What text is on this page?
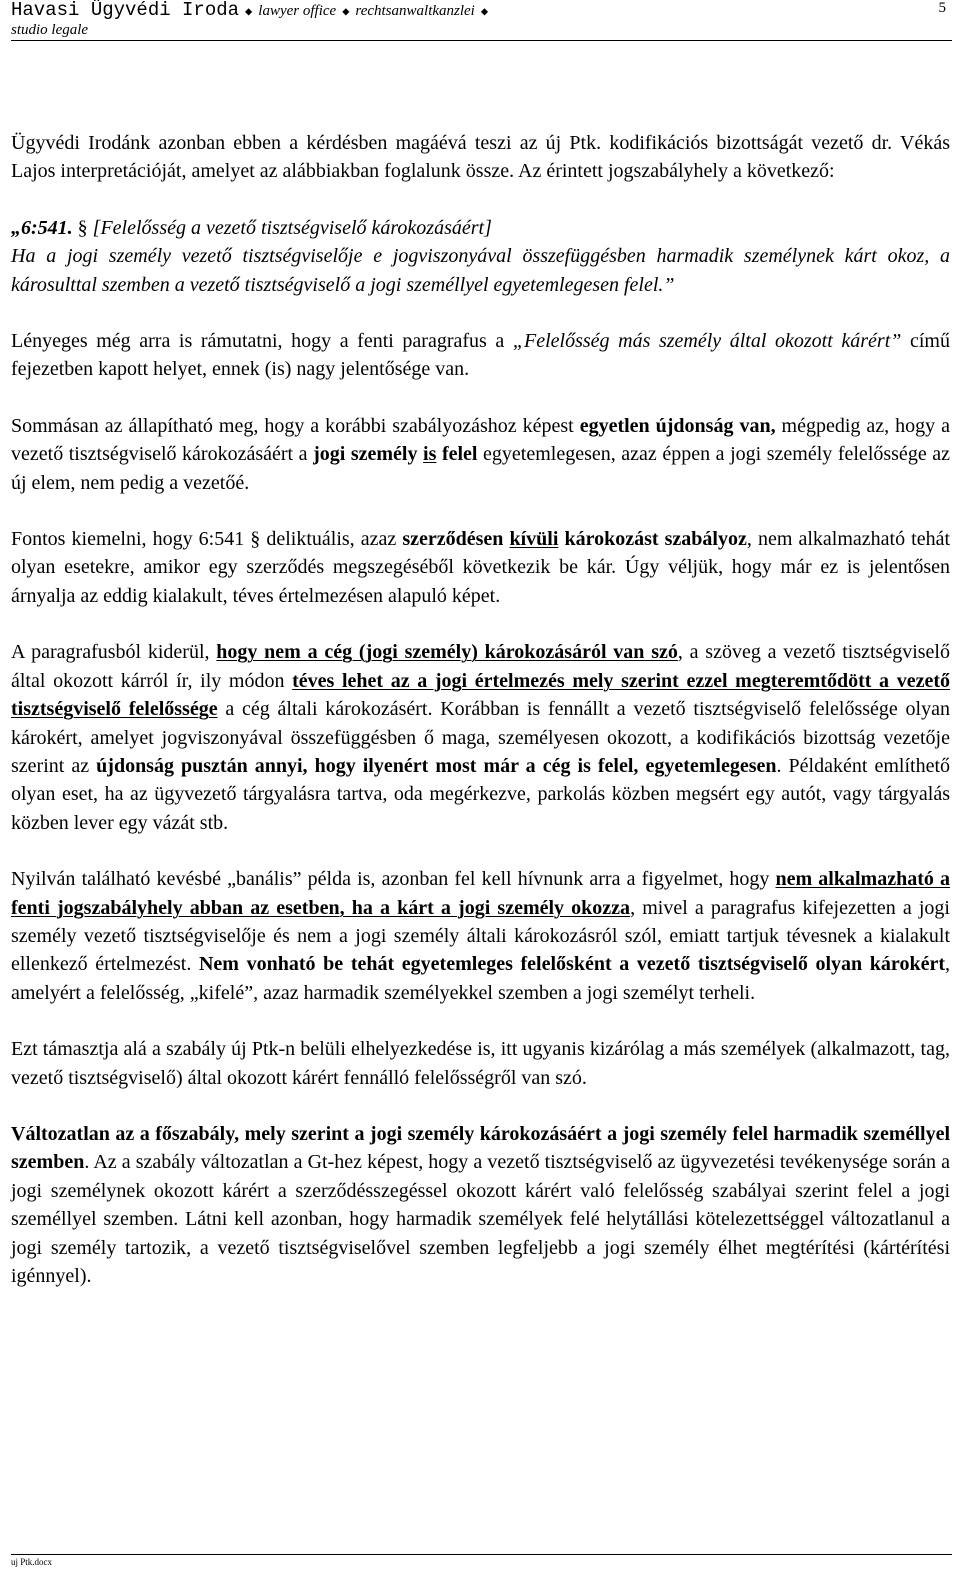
Havasi Ügyvédi Iroda ◆ lawyer office ◆ rechtsanwaltkanzlei ◆
studio legale
5

Ügyvédi Irodánk azonban ebben a kérdésben magáévá teszi az új Ptk. kodifikációs bizottságát vezető dr. Vékás Lajos interpretációját, amelyet az alábbiakban foglalunk össze. Az érintett jogszabályhely a következő:

„6:541. § [Felelősség a vezető tisztségviselő károkozásáért]
Ha a jogi személy vezető tisztségviselője e jogviszonyával összefüggésben harmadik személynek kárt okoz, a károsulttal szemben a vezető tisztségviselő a jogi személlyel egyetemlegesen felel.”

Lényeges még arra is rámutatni, hogy a fenti paragrafus a „Felelősség más személy által okozott kárért” című fejezetben kapott helyet, ennek (is) nagy jelentősége van.

Sommásan az állapítható meg, hogy a korábbi szabályozáshoz képest egyetlen újdonság van, mégpedig az, hogy a vezető tisztségviselő károkozásáért a jogi személy is felel egyetemlegesen, azaz éppen a jogi személy felelőssége az új elem, nem pedig a vezetőé.

Fontos kiemelni, hogy 6:541 § deliktuális, azaz szerződésen kívüli károkozást szabályoz, nem alkalmazható tehát olyan esetekre, amikor egy szerződés megszegéséből következik be kár. Úgy véljük, hogy már ez is jelentősen árnyalja az eddig kialakult, téves értelmezésen alapuló képet.

A paragrafusból kiderül, hogy nem a cég (jogi személy) károkozásáról van szó, a szöveg a vezető tisztségviselő által okozott kárról ír, ily módon téves lehet az a jogi értelmezés mely szerint ezzel megteremtődött a vezető tisztségviselő felelőssége a cég általi károkozásért. Korábban is fennállt a vezető tisztségviselő felelőssége olyan károkért, amelyet jogviszonyával összefüggésben ő maga, személyesen okozott, a kodifikációs bizottság vezetője szerint az újdonság pusztán annyi, hogy ilyenért most már a cég is felel, egyetemlegesen. Példaként említhető olyan eset, ha az ügyvezető tárgyalásra tartva, oda megérkezve, parkolás közben megsért egy autót, vagy tárgyalás közben lever egy vázát stb.

Nyilván található kevésbé „banális” példa is, azonban fel kell hívnunk arra a figyelmet, hogy nem alkalmazható a fenti jogszabályhely abban az esetben, ha a kárt a jogi személy okozza, mivel a paragrafus kifejezetten a jogi személy vezető tisztségviselője és nem a jogi személy általi károkozásról szól, emiatt tartjuk tévesnek a kialakult ellenkező értelmezést. Nem vonható be tehát egyetemleges felelősként a vezető tisztségviselő olyan károkért, amelyért a felelősség, „kifelé”, azaz harmadik személyekkel szemben a jogi személyt terheli.

Ezt támasztja alá a szabály új Ptk-n belüli elhelyezkedése is, itt ugyanis kizárólag a más személyek (alkalmazott, tag, vezető tisztségviselő) által okozott kárért fennálló felelősségről van szó.

Változatlan az a főszabály, mely szerint a jogi személy károkozásáért a jogi személy felel harmadik személlyel szemben. Az a szabály változatlan a Gt-hez képest, hogy a vezető tisztségviselő az ügyvezetési tevékenysége során a jogi személynek okozott kárért a szerződésszegéssel okozott kárért való felelősség szabályai szerint felel a jogi személlyel szemben. Látni kell azonban, hogy harmadik személyek felé helytállási kötelezettséggel változatlanul a jogi személy tartozik, a vezető tisztségviselővel szemben legfeljebb a jogi személy élhet megtérítési (kártérítési igénnyel).

uj Ptk.docx
